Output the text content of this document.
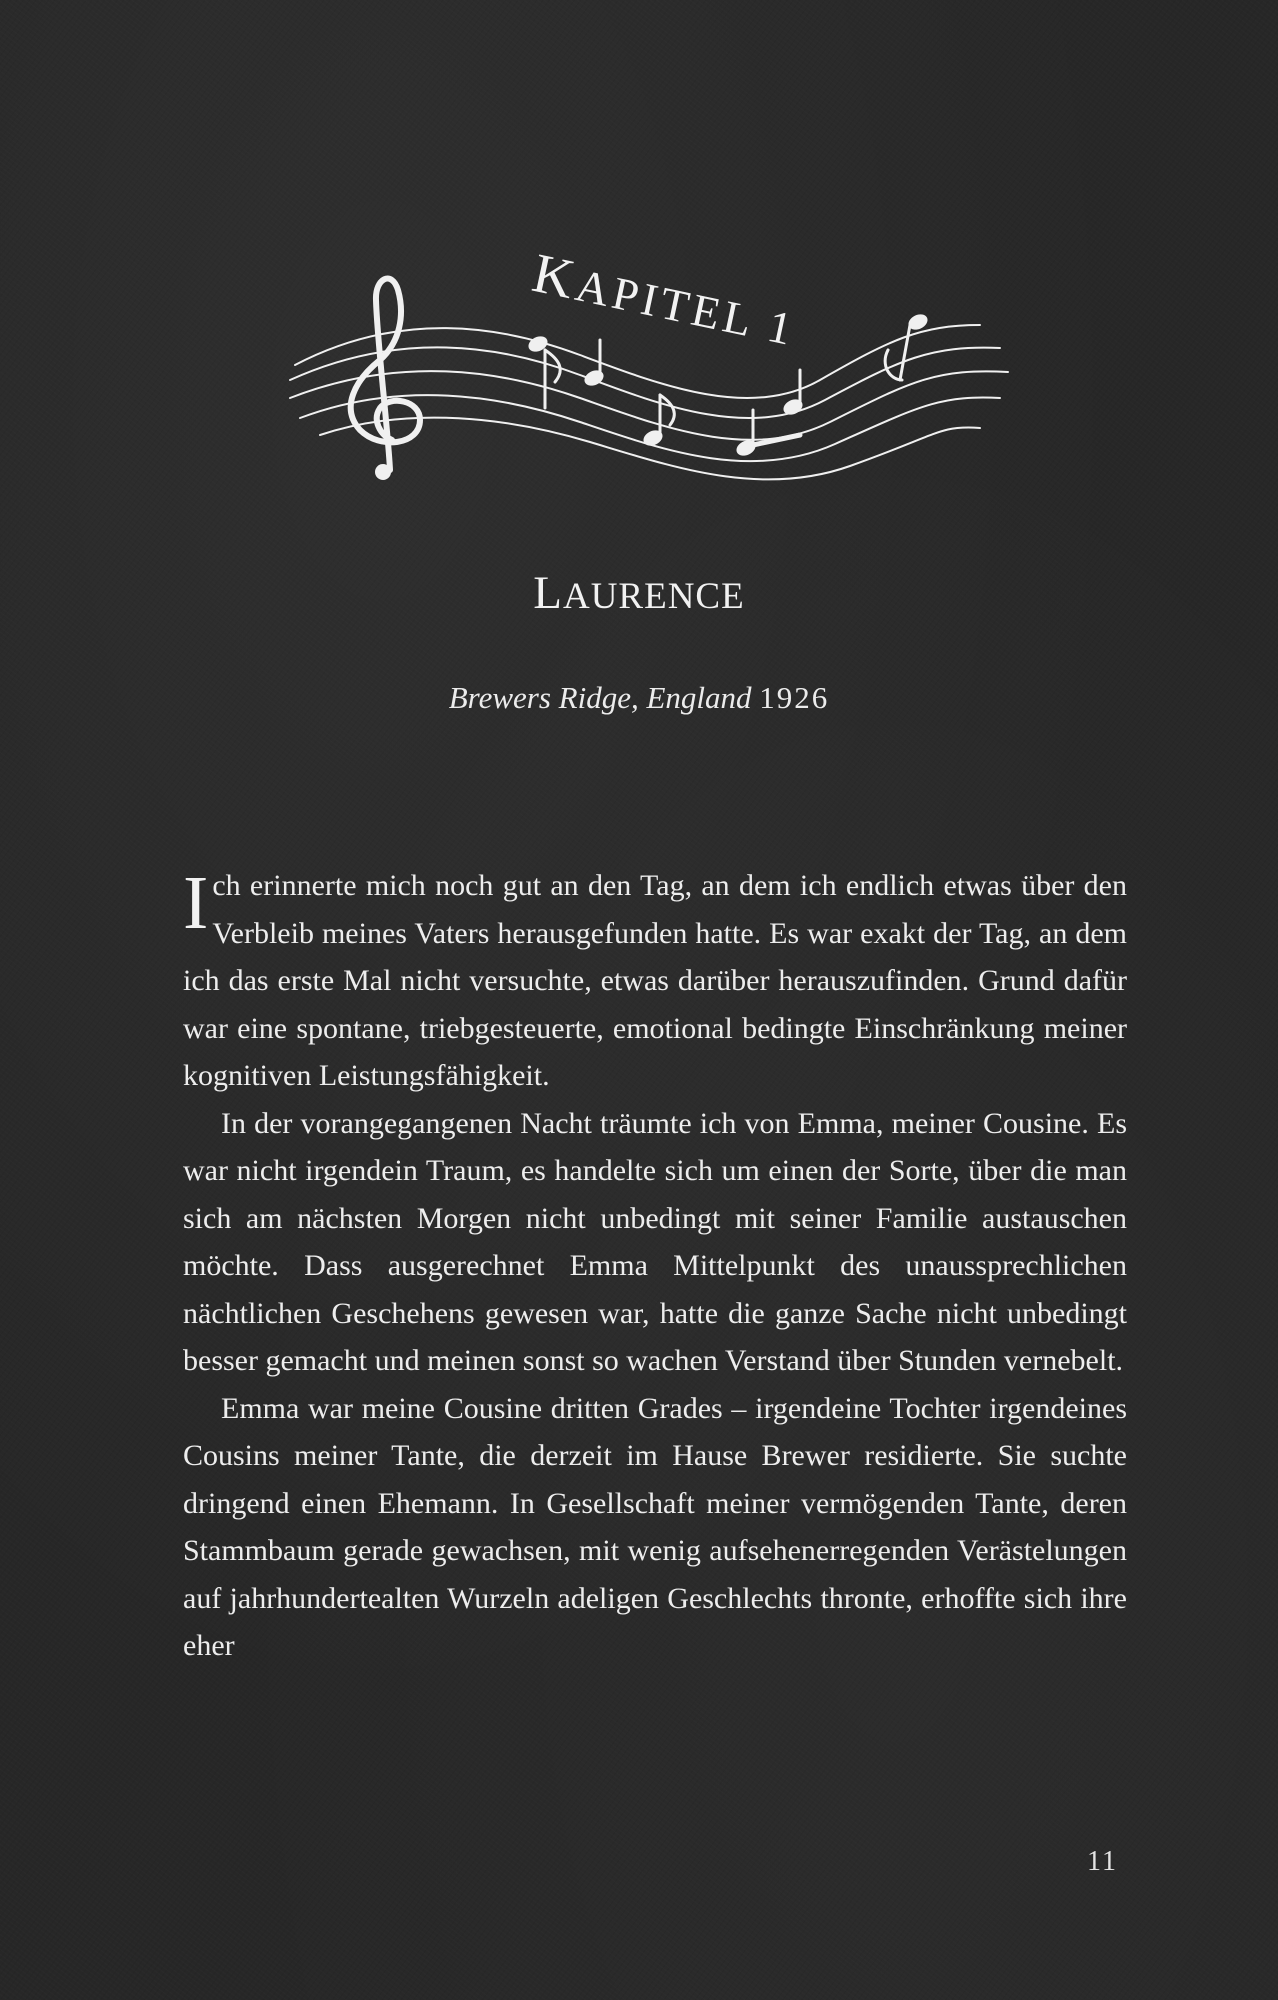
KAPITEL 1
LAURENCE

Brewers Ridge, England 1926

Ich erinnerte mich noch gut an den Tag, an dem ich endlich etwas über den Verbleib meines Vaters herausgefunden hatte. Es war exakt der Tag, an dem ich das erste Mal nicht versuchte, etwas darüber herauszufinden. Grund dafür war eine spontane, triebgesteuerte, emotional bedingte Einschränkung meiner kognitiven Leistungsfähigkeit.

In der vorangegangenen Nacht träumte ich von Emma, meiner Cousine. Es war nicht irgendein Traum, es handelte sich um einen der Sorte, über die man sich am nächsten Morgen nicht unbedingt mit seiner Familie austauschen möchte. Dass ausgerechnet Emma Mittelpunkt des unaussprechlichen nächtlichen Geschehens gewesen war, hatte die ganze Sache nicht unbedingt besser gemacht und meinen sonst so wachen Verstand über Stunden vernebelt.

Emma war meine Cousine dritten Grades – irgendeine Tochter irgendeines Cousins meiner Tante, die derzeit im Hause Brewer residierte. Sie suchte dringend einen Ehemann. In Gesellschaft meiner vermögenden Tante, deren Stammbaum gerade gewachsen, mit wenig aufsehenerregenden Verästelungen auf jahrhundertealten Wurzeln adeligen Geschlechts thronte, erhoffte sich ihre eher

11
